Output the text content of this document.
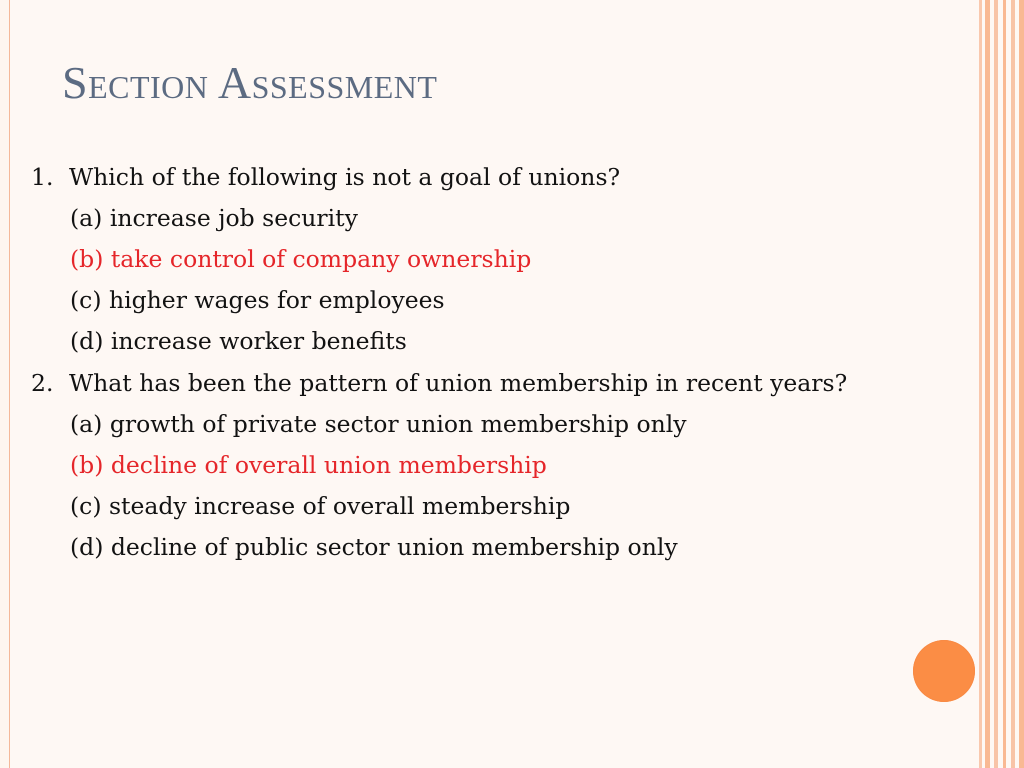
Section Assessment
1. Which of the following is not a goal of unions?
(a) increase job security
(b) take control of company ownership
(c) higher wages for employees
(d) increase worker benefits
2. What has been the pattern of union membership in recent years?
(a) growth of private sector union membership only
(b) decline of overall union membership
(c) steady increase of overall membership
(d) decline of public sector union membership only
